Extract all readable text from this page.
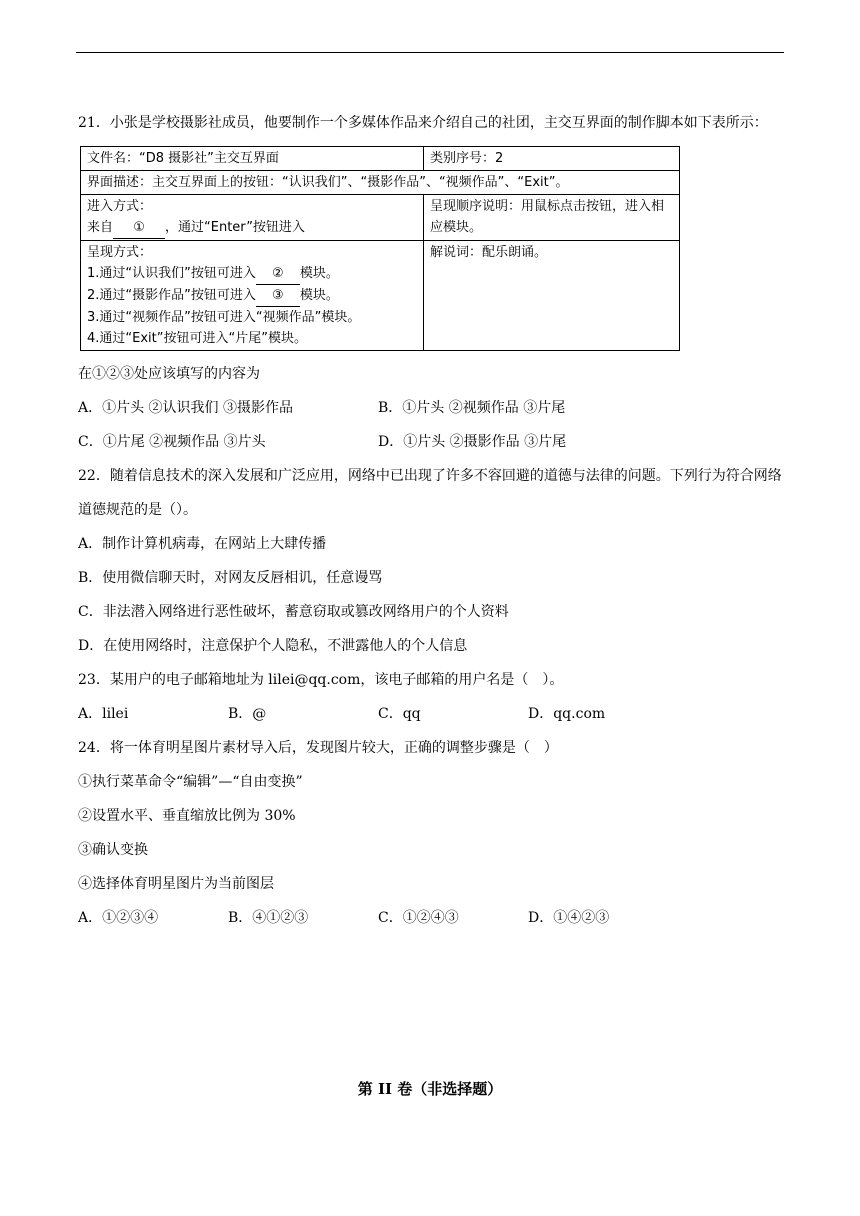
21．小张是学校摄影社成员，他要制作一个多媒体作品来介绍自己的社团，主交互界面的制作脚本如下表所示：
文件名：“D8 摄影社”主交互界面	类别序号：2
界面描述：主交互界面上的按钮：“认识我们”、“摄影作品”、“视频作品”、“Exit”。	

进入方式：
来自 ① ，通过“Enter”按钮进入	呈现顺序说明：用鼠标点击按钮，进入相应模块。

呈现方式：
1.通过“认识我们”按钮可进入 ② 模块。
2.通过“摄影作品”按钮可进入 ③ 模块。
3.通过“视频作品”按钮可进入“视频作品”模块。
4.通过“Exit”按钮可进入“片尾”模块。	解说词：配乐朗诵。
在①②③处应该填写的内容为
A．①片头 ②认识我们 ③摄影作品	B．①片头 ②视频作品 ③片尾
C．①片尾 ②视频作品 ③片头	D．①片头 ②摄影作品 ③片尾
22．随着信息技术的深入发展和广泛应用，网络中已出现了许多不容回避的道德与法律的问题。下列行为符合网络道德规范的是（）。
A．制作计算机病毒，在网站上大肆传播
B．使用微信聊天时，对网友反唇相讥，任意谩骂
C．非法潜入网络进行恶性破坏，蓄意窃取或篡改网络用户的个人资料
D．在使用网络时，注意保护个人隐私，不泄露他人的个人信息
23．某用户的电子邮箱地址为 lilei@qq.com，该电子邮箱的用户名是（　）。
A．lilei	B．@	C．qq	D．qq.com
24．将一体育明星图片素材导入后，发现图片较大，正确的调整步骤是（　）
①执行菜革命令“编辑”—“自由变换”
②设置水平、垂直缩放比例为 30%
③确认变换
④选择体育明星图片为当前图层
A．①②③④	B．④①②③	C．①②④③	D．①④②③
第 II 卷（非选择题）
